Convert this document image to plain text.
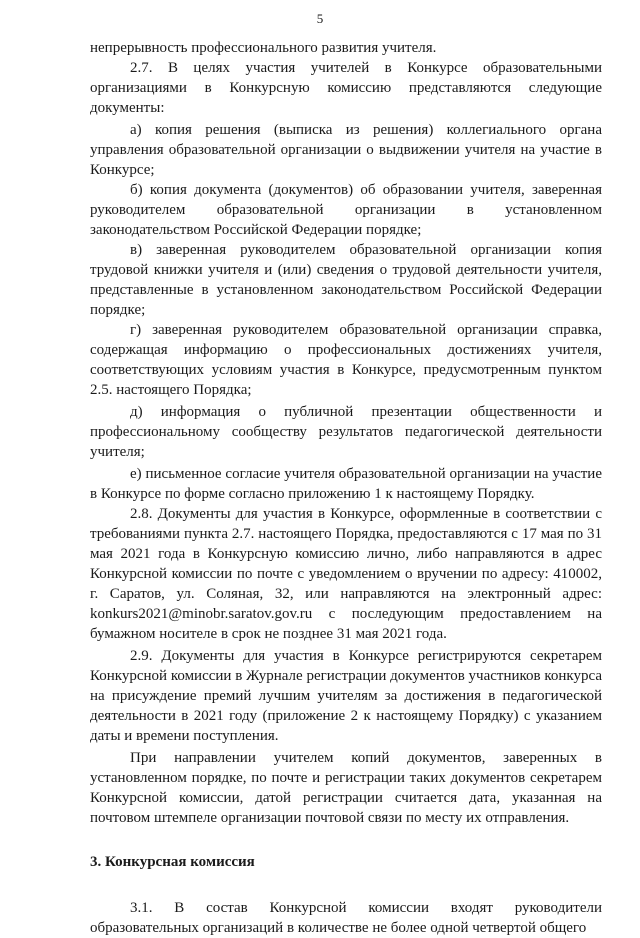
5

непрерывность профессионального развития учителя.

2.7. В целях участия учителей в Конкурсе образовательными организациями в Конкурсную комиссию представляются следующие документы:

а) копия решения (выписка из решения) коллегиального органа управления образовательной организации о выдвижении учителя на участие в Конкурсе;

б) копия документа (документов) об образовании учителя, заверенная руководителем образовательной организации в установленном законодательством Российской Федерации порядке;

в) заверенная руководителем образовательной организации копия трудовой книжки учителя и (или) сведения о трудовой деятельности учителя, представленные в установленном законодательством Российской Федерации порядке;

г) заверенная руководителем образовательной организации справка, содержащая информацию о профессиональных достижениях учителя, соответствующих условиям участия в Конкурсе, предусмотренным пунктом 2.5. настоящего Порядка;

д) информация о публичной презентации общественности и профессиональному сообществу результатов педагогической деятельности учителя;

е) письменное согласие учителя образовательной организации на участие в Конкурсе по форме согласно приложению 1 к настоящему Порядку.

2.8. Документы для участия в Конкурсе, оформленные в соответствии с требованиями пункта 2.7. настоящего Порядка, предоставляются с 17 мая по 31 мая 2021 года в Конкурсную комиссию лично, либо направляются в адрес Конкурсной комиссии по почте с уведомлением о вручении по адресу: 410002, г. Саратов, ул. Соляная, 32, или направляются на электронный адрес: konkurs2021@minobr.saratov.gov.ru с последующим предоставлением на бумажном носителе в срок не позднее 31 мая 2021 года.

2.9. Документы для участия в Конкурсе регистрируются секретарем Конкурсной комиссии в Журнале регистрации документов участников конкурса на присуждение премий лучшим учителям за достижения в педагогической деятельности в 2021 году (приложение 2 к настоящему Порядку) с указанием даты и времени поступления.

При направлении учителем копий документов, заверенных в установленном порядке, по почте и регистрации таких документов секретарем Конкурсной комиссии, датой регистрации считается дата, указанная на почтовом штемпеле организации почтовой связи по месту их отправления.

3. Конкурсная комиссия

3.1. В состав Конкурсной комиссии входят руководители образовательных организаций в количестве не более одной четвертой общего
